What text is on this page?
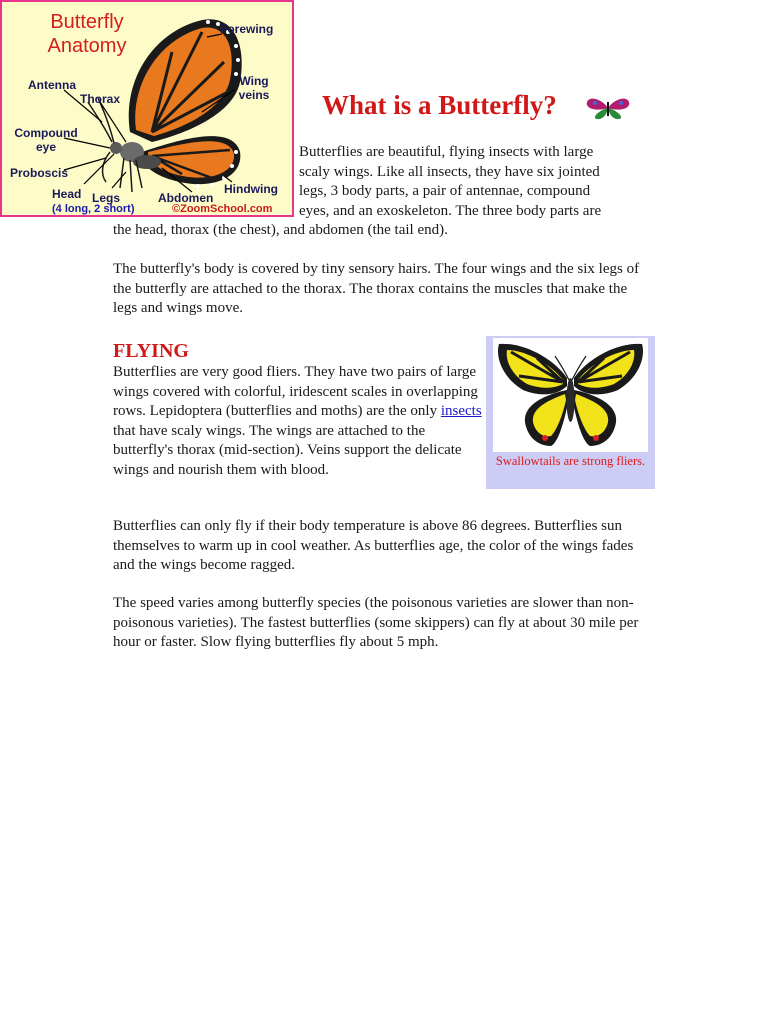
Butterfly Anatomy
Forewing
Antenna
Thorax
Wing veins
Compound eye
Proboscis
Head Legs	Abdomen
Hindwing
(4 long, 2 short)	©ZoomSchool.com
What is a Butterfly?
Butterflies are beautiful, flying insects with large
scaly wings. Like all insects, they have six jointed
legs, 3 body parts, a pair of antennae, compound
eyes, and an exoskeleton. The three body parts are
the head, thorax (the chest), and abdomen (the tail end).

The butterfly's body is covered by tiny sensory hairs. The four wings and the six legs of the butterfly are attached to the thorax. The thorax contains the muscles that make the legs and wings move.

FLYING

Butterflies are very good fliers. They have two pairs of large wings covered with colorful, iridescent scales in overlapping rows. Lepidoptera (butterflies and moths) are the only insects that have scaly wings. The wings are attached to the butterfly's thorax (mid-section). Veins support the delicate wings and nourish them with blood.

Swallowtails are strong fliers.

Butterflies can only fly if their body temperature is above 86 degrees. Butterflies sun themselves to warm up in cool weather. As butterflies age, the color of the wings fades and the wings become ragged.

The speed varies among butterfly species (the poisonous varieties are slower than non-poisonous varieties). The fastest butterflies (some skippers) can fly at about 30 mile per hour or faster. Slow flying butterflies fly about 5 mph.
